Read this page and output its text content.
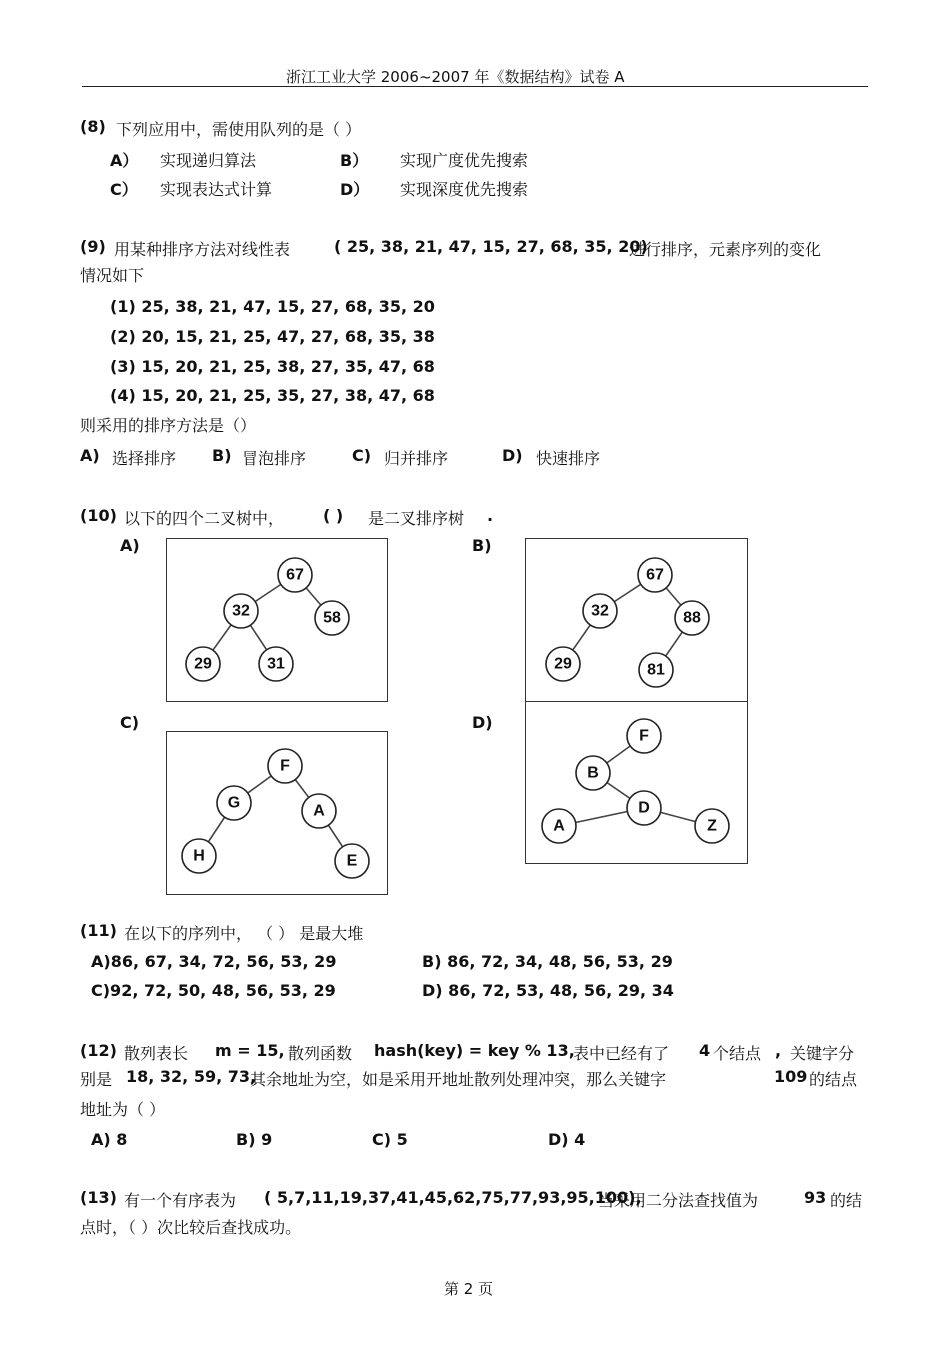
浙江工业大学 2006~2007 年《数据结构》试卷 A
(8) 下列应用中，需使用队列的是（ ）
A） 实现递归算法	B） 实现广度优先搜索
C） 实现表达式计算	D） 实现深度优先搜索
(9) 用某种排序方法对线性表	( 25, 38, 21, 47, 15, 27, 68, 35, 20)
进行排序，元素序列的变化
情况如下
(1) 25, 38, 21, 47, 15, 27, 68, 35, 20
(2) 20, 15, 21, 25, 47, 27, 68, 35, 38
(3) 15, 20, 21, 25, 38, 27, 35, 47, 68
(4) 15, 20, 21, 25, 35, 27, 38, 47, 68
则采用的排序方法是（）
A) 选择排序 B) 冒泡排序	C) 归并排序	D) 快速排序
(10) 以下的四个二叉树中， ( ) 是二叉排序树 .
A)
67
32	58
29	31
B)
67
32	88
29	81
C)
F
G	A
H	E
D)
F
B
D
A	Z
(11) 在以下的序列中， （ ） 是最大堆
A)86, 67, 34, 72, 56, 53, 29	B) 86, 72, 34, 48, 56, 53, 29
C)92, 72, 50, 48, 56, 53, 29	D) 86, 72, 53, 48, 56, 29, 34
(12) 散列表长 m = 15, 散列函数 hash(key) = key % 13,
表中已经有了 4 个结点 , 关键字分
别是 18, 32, 59, 73,
其余地址为空，如是采用开地址散列处理冲突，那么关键字	109 的结点
地址为（ ）
A) 8	B) 9	C) 5	D) 4
(13) 有一个有序表为 ( 5,7,11,19,37,41,45,62,75,77,93,95,100),
当采用二分法查找值为	93 的结
点时，（ ）次比较后查找成功。
第 2 页
